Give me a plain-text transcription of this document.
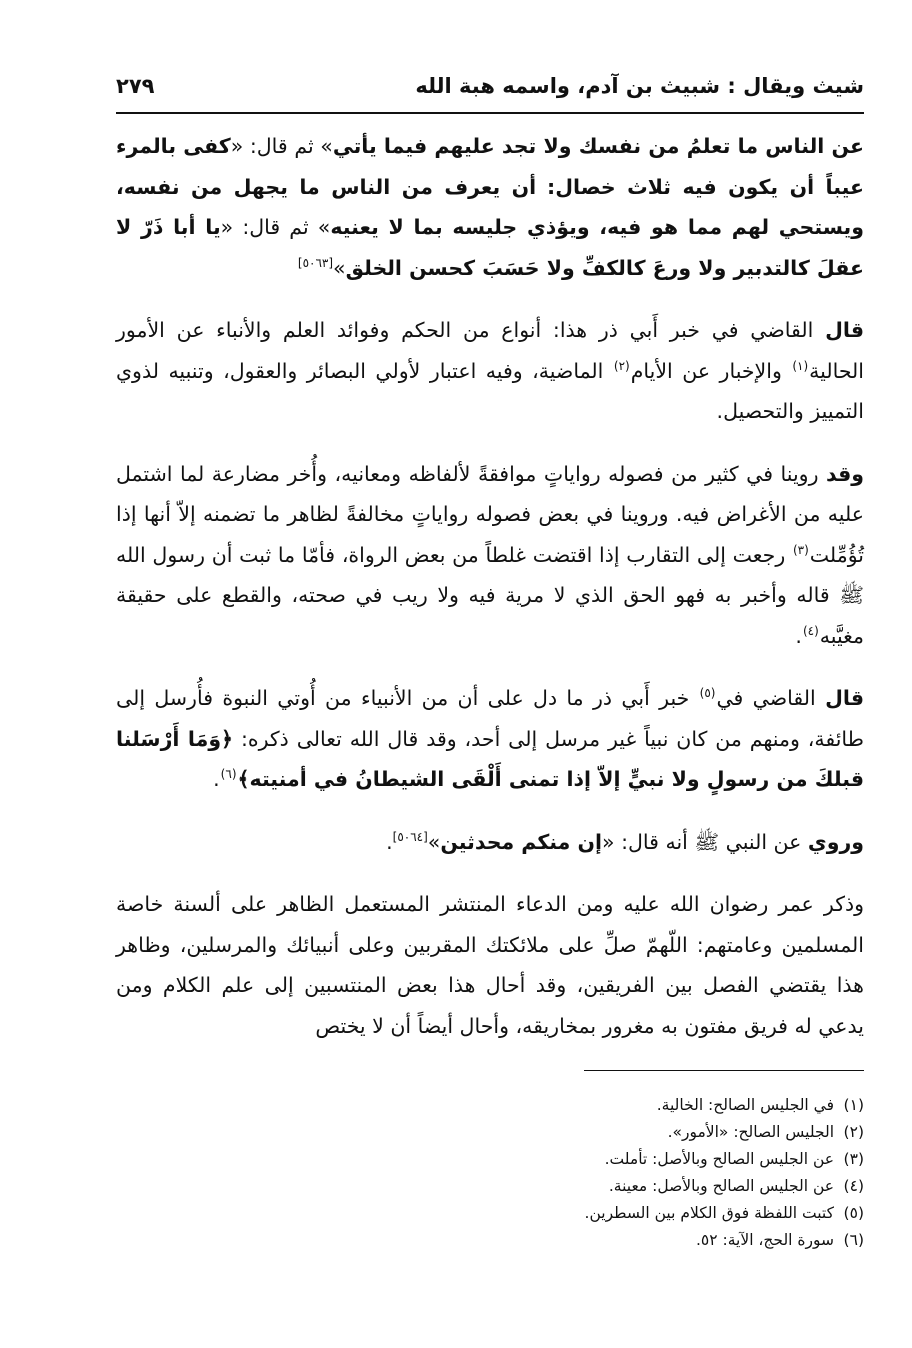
شيث ويقال : شبيث بن آدم، واسمه هبة الله
٢٧٩

عن الناس ما تعلمُ من نفسك ولا تجد عليهم فيما يأتي» ثم قال: «كفى بالمرء عيباً أن يكون فيه ثلاث خصال: أن يعرف من الناس ما يجهل من نفسه، ويستحي لهم مما هو فيه، ويؤذي جليسه بما لا يعنيه» ثم قال: «يا أبا ذَرّ لا عقلَ كالتدبير ولا ورعَ كالكفِّ ولا حَسَبَ كحسن الخلق»[٥٠٦٣]

قال القاضي في خبر أَبي ذر هذا: أنواع من الحكم وفوائد العلم والأنباء عن الأمور الحالية$^{(١)}$ والإخبار عن الأيام$^{(٢)}$ الماضية، وفيه اعتبار لأولي البصائر والعقول، وتنبيه لذوي التمييز والتحصيل.

وقد روينا في كثير من فصوله رواياتٍ موافقةً لألفاظه ومعانيه، وأُخر مضارعة لما اشتمل عليه من الأغراض فيه. وروينا في بعض فصوله رواياتٍ مخالفةً لظاهر ما تضمنه إلاّ أنها إذا تُؤُمِّلت$^{(٣)}$ رجعت إلى التقارب إذا اقتضت غلطاً من بعض الرواة، فأمّا ما ثبت أن رسول الله ﷺ قاله وأخبر به فهو الحق الذي لا مرية فيه ولا ريب في صحته، والقطع على حقيقة مغيَّبه$^{(٤)}$.

قال القاضي في$^{(٥)}$ خبر أَبي ذر ما دل على أن من الأنبياء من أُوتي النبوة فأُرسل إلى طائفة، ومنهم من كان نبياً غير مرسل إلى أحد، وقد قال الله تعالى ذكره: ﴿وَمَا أَرْسَلنا قبلكَ من رسولٍ ولا نبيٍّ إلاّ إذا تمنى أَلْقَى الشيطانُ في أمنيته﴾$^{(٦)}$.

وروي عن النبي ﷺ أنه قال: «إن منكم محدثين»[٥٠٦٤].

وذكر عمر رضوان الله عليه ومن الدعاء المنتشر المستعمل الظاهر على ألسنة خاصة المسلمين وعامتهم: اللّهمّ صلِّ على ملائكتك المقربين وعلى أنبيائك والمرسلين، وظاهر هذا يقتضي الفصل بين الفريقين، وقد أحال هذا بعض المنتسبين إلى علم الكلام ومن يدعي له فريق مفتون به مغرور بمخاريقه، وأحال أيضاً أن لا يختص

(١)في الجليس الصالح: الخالية.
(٢)الجليس الصالح: «الأمور».
(٣)عن الجليس الصالح وبالأصل: تأملت.
(٤)عن الجليس الصالح وبالأصل: معينة.
(٥)كتبت اللفظة فوق الكلام بين السطرين.
(٦)سورة الحج، الآية: ٥٢.
